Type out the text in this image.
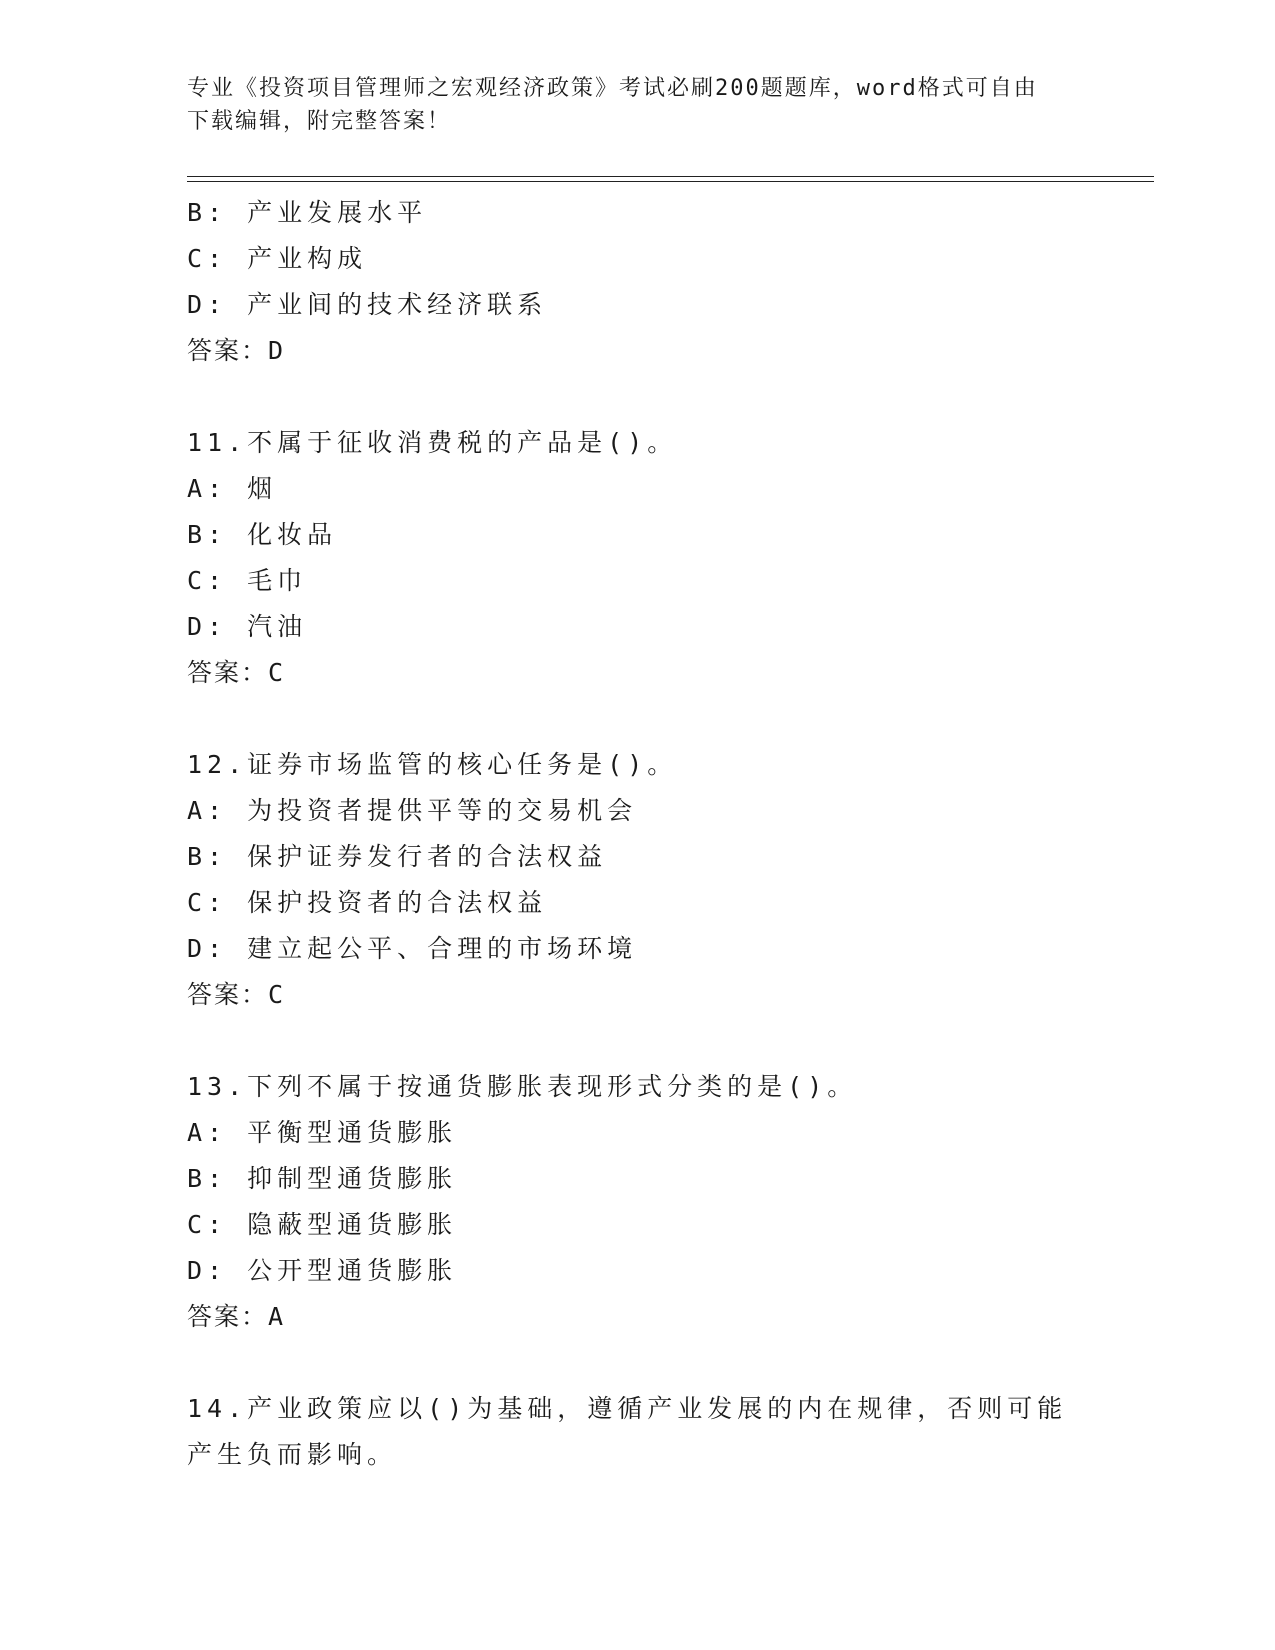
专业《投资项目管理师之宏观经济政策》考试必刷200题题库，word格式可自由
下载编辑，附完整答案！
B: 产业发展水平
C: 产业构成
D: 产业间的技术经济联系
答案：D
11.不属于征收消费税的产品是()。
A: 烟
B: 化妆品
C: 毛巾
D: 汽油
答案：C
12.证券市场监管的核心任务是()。
A: 为投资者提供平等的交易机会
B: 保护证券发行者的合法权益
C: 保护投资者的合法权益
D: 建立起公平、合理的市场环境
答案：C
13.下列不属于按通货膨胀表现形式分类的是()。
A: 平衡型通货膨胀
B: 抑制型通货膨胀
C: 隐蔽型通货膨胀
D: 公开型通货膨胀
答案：A
14.产业政策应以()为基础，遵循产业发展的内在规律，否则可能产生负而影响。
